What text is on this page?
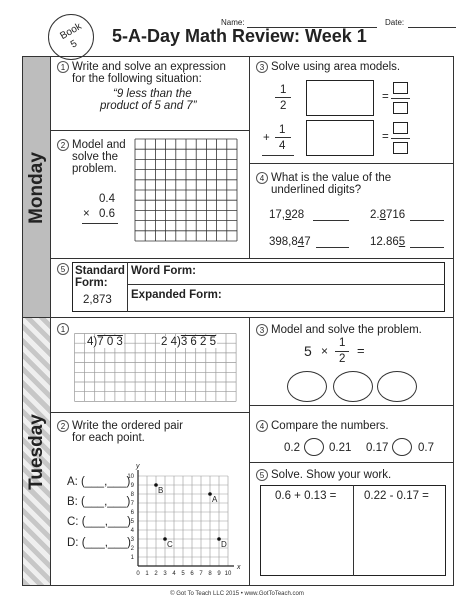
Book
5	5-A-Day Math Review: Week 1
Name:	Date:
Monday
Tuesday
1 Write and solve an expression
for the following situation:
“9 less than the
product of 5 and 7”
2 Model and
solve the
problem.
0.4
× 0.6
3 Solve using area models.
1
2
=
1
+
4
=
4 What is the value of the
underlined digits?
17,928	2.8716
398,847	12.865
5 Standard
Form:
2,873
Word Form:
Expanded Form:
1
4)7 0 3	2 4)3 6 2 5
2 Write the ordered pair
for each point.
A: (___,___)
B: (___,___)
C: (___,___)
D: (___,___)
0 1
1
2
2
3
3
4
4
5
5
6
6
7
7
8
8
9
9
10
10
x
y
A
B
C	D
3 Model and solve the problem.
5 ×
1
2
=
4 Compare the numbers.
0.2	0.21 0.17	0.7
5 Solve. Show your work.
0.6 + 0.13 = 0.22 - 0.17 =
© Got To Teach LLC 2015 • www.GotToTeach.com
